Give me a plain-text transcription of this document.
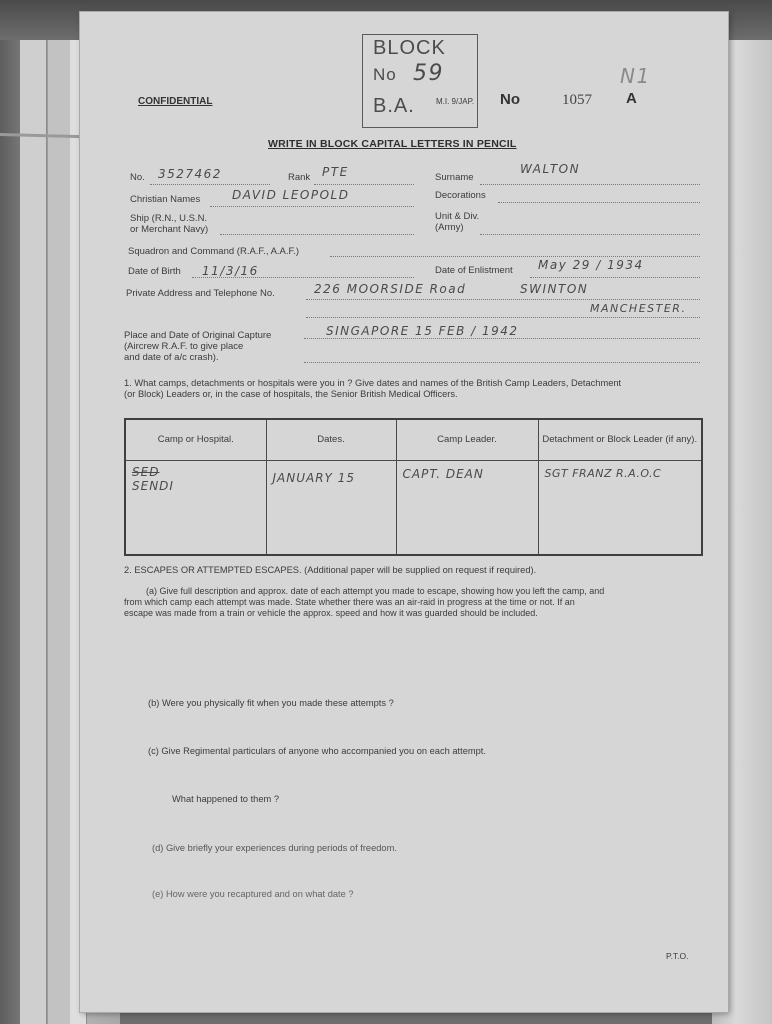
BLOCK
No 59
B.A.
N1
M.I. 9/JAP. No	1057 A
CONFIDENTIAL
WRITE IN BLOCK CAPITAL LETTERS IN PENCIL
No. 3527462	Rank PTE	Surname
WALTON
Christian Names	DAVID LEOPOLD	Decorations
Ship (R.N., U.S.N.
or Merchant Navy)
Unit & Div.
(Army)
Squadron and Command (R.A.F., A.A.F.)
Date of Birth 11/3/16	Date of Enlistment May 29 / 1934
Private Address and Telephone No.	226 MOORSIDE Road	SWINTON
MANCHESTER.
Place and Date of Original Capture
(Aircrew R.A.F. to give place
and date of a/c crash).
SINGAPORE 15 FEB / 1942
1. What camps, detachments or hospitals were you in ? Give dates and names of the British Camp Leaders, Detachment
(or Block) Leaders or, in the case of hospitals, the Senior British Medical Officers.
Camp or Hospital.	Dates.	Camp Leader.	Detachment or Block Leader (if any).

SED
SENDI	JANUARY 15	CAPT. DEAN	SGT FRANZ R.A.O.C
2. ESCAPES OR ATTEMPTED ESCAPES. (Additional paper will be supplied on request if required).
(a) Give full description and approx. date of each attempt you made to escape, showing how you left the camp, and
from which camp each attempt was made. State whether there was an air-raid in progress at the time or not. If an
escape was made from a train or vehicle the approx. speed and how it was guarded should be included.
(b) Were you physically fit when you made these attempts ?
(c) Give Regimental particulars of anyone who accompanied you on each attempt.
What happened to them ?
(d) Give briefly your experiences during periods of freedom.
(e) How were you recaptured and on what date ?
P.T.O.
